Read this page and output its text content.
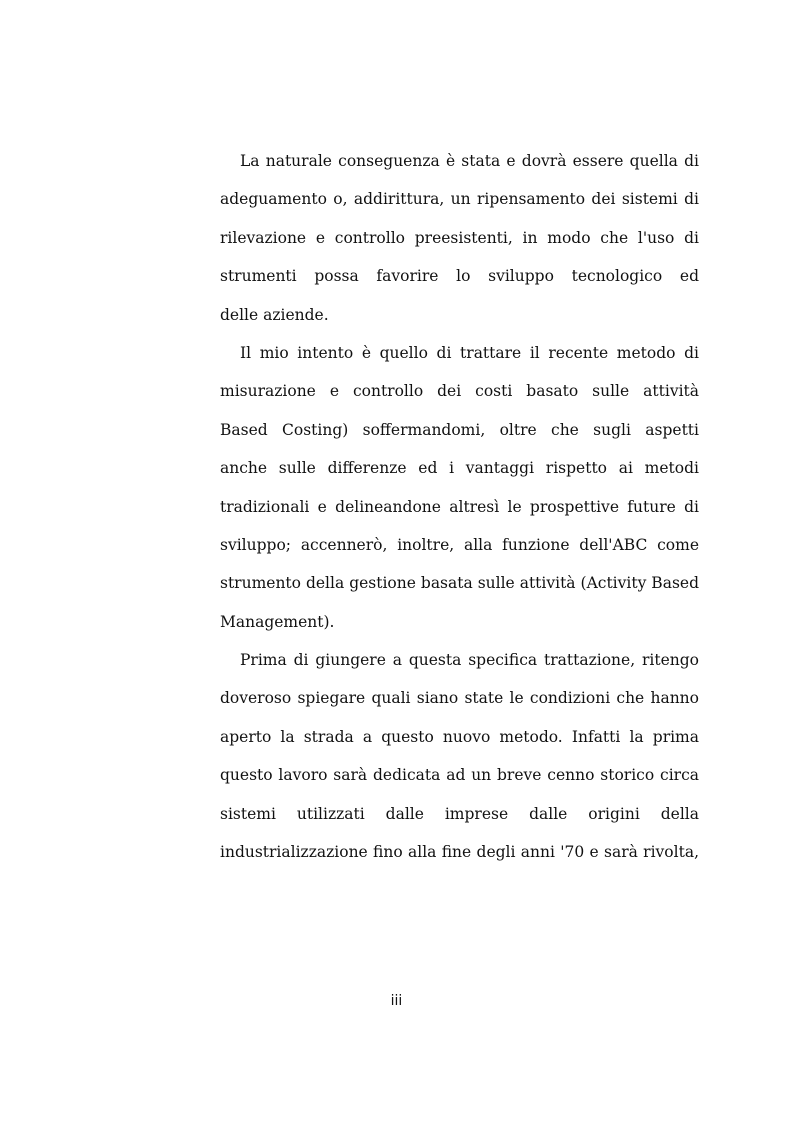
La naturale conseguenza è stata e dovrà essere quella di
adeguamento o, addirittura, un ripensamento dei sistemi di
rilevazione e controllo preesistenti, in modo che l'uso di
strumenti possa favorire lo sviluppo tecnologico ed
delle aziende.
Il mio intento è quello di trattare il recente metodo di
misurazione e controllo dei costi basato sulle attività
Based Costing) soffermandomi, oltre che sugli aspetti
anche sulle differenze ed i vantaggi rispetto ai metodi
tradizionali e delineandone altresì le prospettive future di
sviluppo; accennerò, inoltre, alla funzione dell'ABC come
strumento della gestione basata sulle attività (Activity Based
Management).
Prima di giungere a questa specifica trattazione, ritengo
doveroso spiegare quali siano state le condizioni che hanno
aperto la strada a questo nuovo metodo. Infatti la prima
questo lavoro sarà dedicata ad un breve cenno storico circa
sistemi utilizzati dalle imprese dalle origini della
industrializzazione fino alla fine degli anni '70 e sarà rivolta,
iii
